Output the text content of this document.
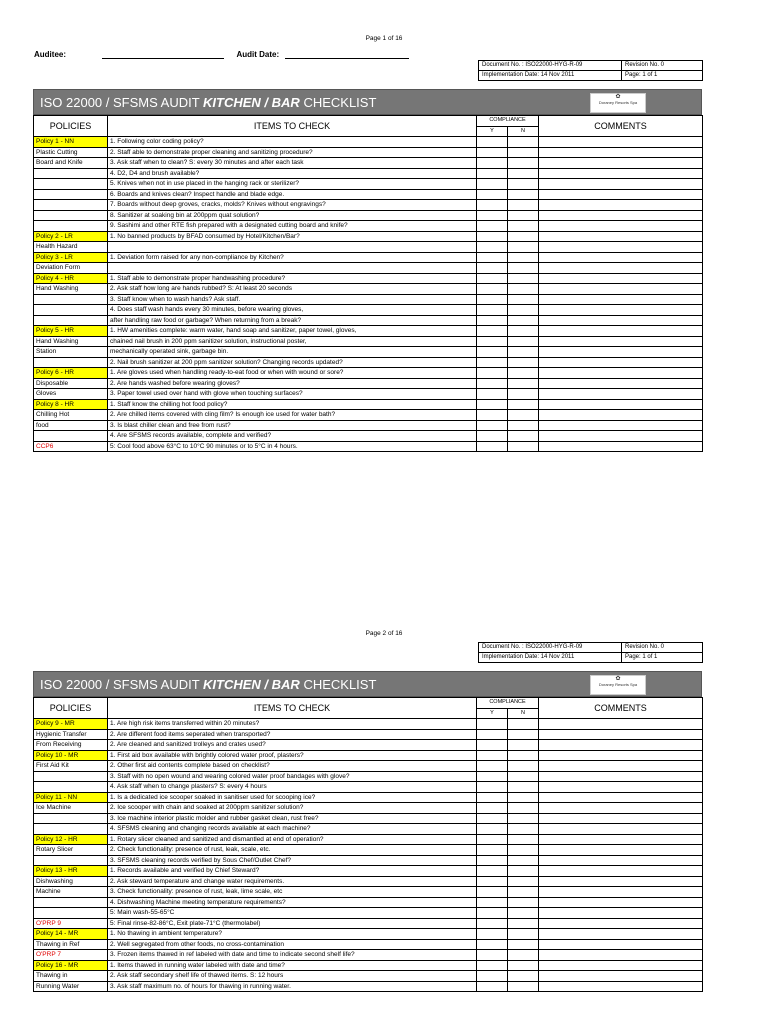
Page 1 of 16
Auditee:	Audit Date:
Document No. : ISO22000-HYG-R-09	Revision No. 0
Implementation Date: 14 Nov 2011	Page: 1 of 1
ISO 22000 / SFSMS AUDIT KITCHEN / BAR CHECKLIST	✿
Doraney Resorts Spa
POLICIES	ITEMS TO CHECK	COMPLIANCE		COMMENTS
		Y	N	
Policy 1 - NN	1. Following color coding policy?			
Plastic Cutting	2. Staff able to demonstrate proper cleaning and sanitizing procedure?			
Board and Knife	3. Ask staff when to clean? S: every 30 minutes and after each task			
	4. D2, D4 and brush available?			
	5. Knives when not in use placed in the hanging rack or sterilizer?			
	6. Boards and knives clean? Inspect handle and blade edge.			
	7. Boards without deep groves, cracks, molds? Knives without engravings?			
	8. Sanitizer at soaking bin at 200ppm quat solution?			
	9. Sashimi and other RTE fish prepared with a designated cutting board and knife?			
Policy 2 - LR	1. No banned products by BFAD consumed by Hotel/Kitchen/Bar?			
Health Hazard				
Policy 3 - LR	1. Deviation form raised for any non-compliance by Kitchen?			
Deviation Form				
Policy 4 - HR	1. Staff able to demonstrate proper handwashing procedure?			
Hand Washing	2. Ask staff how long are hands rubbed? S: At least 20 seconds			
	3. Staff know when to wash hands? Ask staff.			
	4. Does staff wash hands every 30 minutes, before wearing gloves,			
	after handling raw food or garbage? When returning from a break?			
Policy 5 - HR	1. HW amenities complete: warm water, hand soap and sanitizer, paper towel, gloves,			
Hand Washing	chained nail brush in 200 ppm sanitizer solution, instructional poster,			
Station	mechanically operated sink, garbage bin.			
	2. Nail brush sanitizer at 200 ppm sanitizer solution? Changing records updated?			
Policy 6 - HR	1. Are gloves used when handling ready-to-eat food or when with wound or sore?			
Disposable	2. Are hands washed before wearing gloves?			
Gloves	3. Paper towel used over hand with glove when touching surfaces?			
Policy 8 - HR	1. Staff know the chilling hot food policy?			
Chilling Hot	2. Are chilled items covered with cling film? Is enough ice used for water bath?			
food	3. Is blast chiller clean and free from rust?			
	4. Are SFSMS records available, complete and verified?			
CCP6	5: Cool food above 63°C to 10°C 90 minutes or to 5°C in 4 hours.			
Page 2 of 16
Document No. : ISO22000-HYG-R-09	Revision No. 0
Implementation Date: 14 Nov 2011	Page: 1 of 1
ISO 22000 / SFSMS AUDIT KITCHEN / BAR CHECKLIST	✿
Doraney Resorts Spa
POLICIES	ITEMS TO CHECK	COMPLIANCE		COMMENTS
		Y	N	
Policy 9 - MR	1. Are high risk items transferred within 20 minutes?			
Hygienic Transfer	2. Are different food items seperated when transported?			
From Receiving	2. Are cleaned and sanitized trolleys and crates used?			
Policy 10 - MR	1. First aid box available with brightly colored water proof, plasters?			
First Aid Kit	2. Other first aid contents complete based on checklist?			
	3. Staff with no open wound and wearing colored water proof bandages with glove?			
	4. Ask staff when to change plasters? S: every 4 hours			
Policy 11 - NN	1. Is a dedicated ice scooper soaked in sanitiser used for scooping ice?			
Ice Machine	2. Ice scooper with chain and soaked at 200ppm sanitizer solution?			
	3. Ice machine interior plastic molder and rubber gasket clean, rust free?			
	4. SFSMS cleaning and changing records available at each machine?			
Policy 12 - HR	1. Rotary slicer cleaned and sanitized and dismantled at end of operation?			
Rotary Slicer	2. Check functionality: presence of rust, leak, scale, etc.			
	3. SFSMS cleaning records verified by Sous Chef/Outlet Chef?			
Policy 13 - HR	1. Records available and verified by Chief Steward?			
Dishwashing	2. Ask steward temperature and change water requirements.			
Machine	3. Check functionality: presence of rust, leak, lime scale, etc			
	4. Dishwashing Machine meeting temperature requirements?			
	5: Main wash-55-65°C			
O'PRP 9	5: Final rinse-82-86°C, Exit plate-71°C (thermolabel)			
Policy 14 - MR	1. No thawing in ambient temperature?			
Thawing in Ref	2. Well segregated from other foods, no cross-contamination			
O'PRP 7	3. Frozen items thawed in ref labeled with date and time to indicate second shelf life?			
Policy 16 - MR	1. Items thawed in running water labeled with date and time?			
Thawing in	2. Ask staff secondary shelf life of thawed items. S: 12 hours			
Running Water	3. Ask staff maximum no. of hours for thawing in running water.			
